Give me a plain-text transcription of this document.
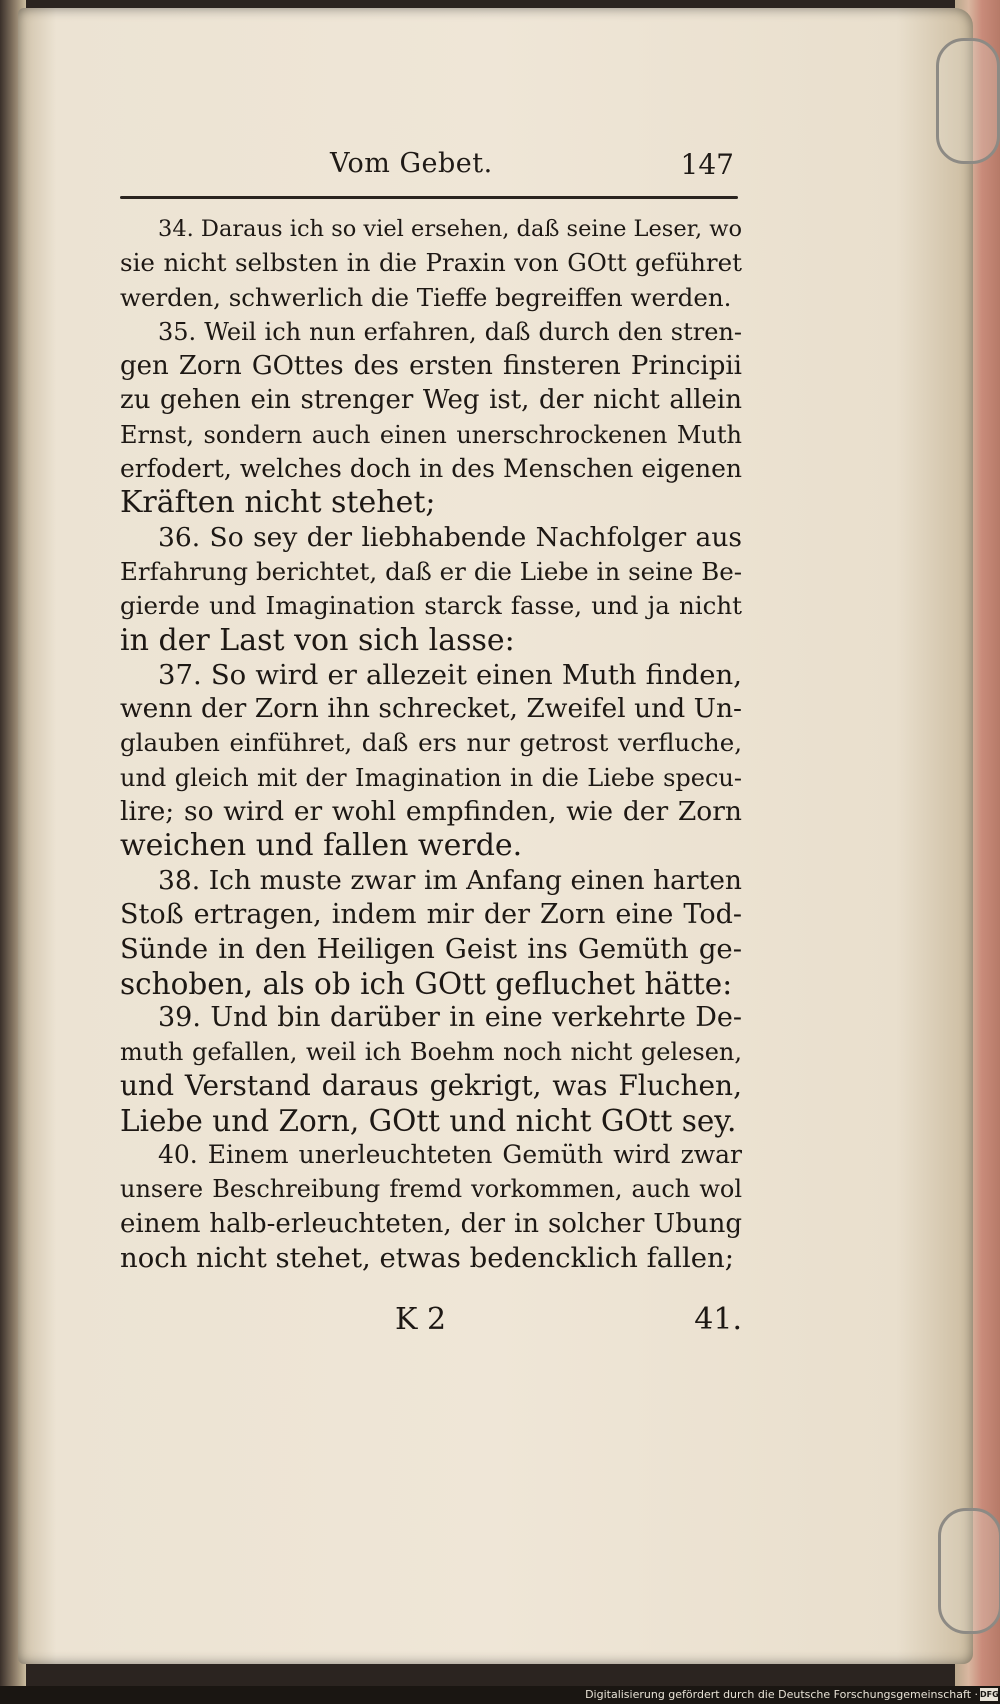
Vom Gebet.	147
34. Daraus ich so viel ersehen, daß seine Leser, wo
sie nicht selbsten in die Praxin von GOtt geführet
werden, schwerlich die Tieffe begreiffen werden.
35. Weil ich nun erfahren, daß durch den stren-
gen Zorn GOttes des ersten finsteren Principii
zu gehen ein strenger Weg ist, der nicht allein
Ernst, sondern auch einen unerschrockenen Muth
erfodert, welches doch in des Menschen eigenen
Kräften nicht stehet;
36. So sey der liebhabende Nachfolger aus
Erfahrung berichtet, daß er die Liebe in seine Be-
gierde und Imagination starck fasse, und ja nicht
in der Last von sich lasse:
37. So wird er allezeit einen Muth finden,
wenn der Zorn ihn schrecket, Zweifel und Un-
glauben einführet, daß ers nur getrost verfluche,
und gleich mit der Imagination in die Liebe specu-
lire; so wird er wohl empfinden, wie der Zorn
weichen und fallen werde.
38. Ich muste zwar im Anfang einen harten
Stoß ertragen, indem mir der Zorn eine Tod-
Sünde in den Heiligen Geist ins Gemüth ge-
schoben, als ob ich GOtt gefluchet hätte:
39. Und bin darüber in eine verkehrte De-
muth gefallen, weil ich Boehm noch nicht gelesen,
und Verstand daraus gekrigt, was Fluchen,
Liebe und Zorn, GOtt und nicht GOtt sey.
40. Einem unerleuchteten Gemüth wird zwar
unsere Beschreibung fremd vorkommen, auch wol
einem halb-erleuchteten, der in solcher Ubung
noch nicht stehet, etwas bedencklich fallen;
K 2	41.
Digitalisierung gefördert durch die Deutsche Forschungsgemeinschaft · DFG
